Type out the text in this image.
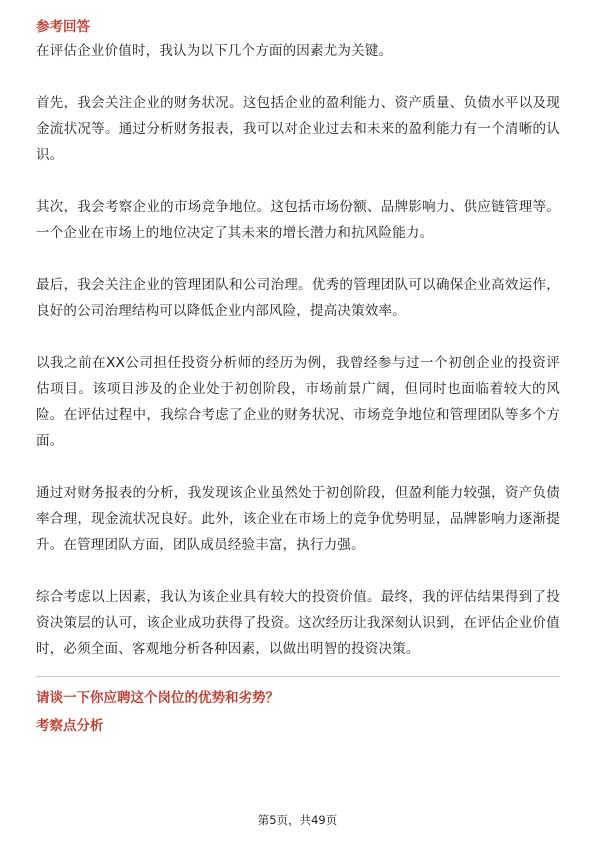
参考回答

在评估企业价值时，我认为以下几个方面的因素尤为关键。

首先，我会关注企业的财务状况。这包括企业的盈利能力、资产质量、负债水平以及现金流状况等。通过分析财务报表，我可以对企业过去和未来的盈利能力有一个清晰的认识。

其次，我会考察企业的市场竞争地位。这包括市场份额、品牌影响力、供应链管理等。一个企业在市场上的地位决定了其未来的增长潜力和抗风险能力。

最后，我会关注企业的管理团队和公司治理。优秀的管理团队可以确保企业高效运作，良好的公司治理结构可以降低企业内部风险，提高决策效率。

以我之前在XX公司担任投资分析师的经历为例，我曾经参与过一个初创企业的投资评估项目。该项目涉及的企业处于初创阶段，市场前景广阔，但同时也面临着较大的风险。在评估过程中，我综合考虑了企业的财务状况、市场竞争地位和管理团队等多个方面。

通过对财务报表的分析，我发现该企业虽然处于初创阶段，但盈利能力较强，资产负债率合理，现金流状况良好。此外，该企业在市场上的竞争优势明显，品牌影响力逐渐提升。在管理团队方面，团队成员经验丰富，执行力强。

综合考虑以上因素，我认为该企业具有较大的投资价值。最终，我的评估结果得到了投资决策层的认可，该企业成功获得了投资。这次经历让我深刻认识到，在评估企业价值时，必须全面、客观地分析各种因素，以做出明智的投资决策。

请谈一下你应聘这个岗位的优势和劣势？

考察点分析

第5页，共49页
